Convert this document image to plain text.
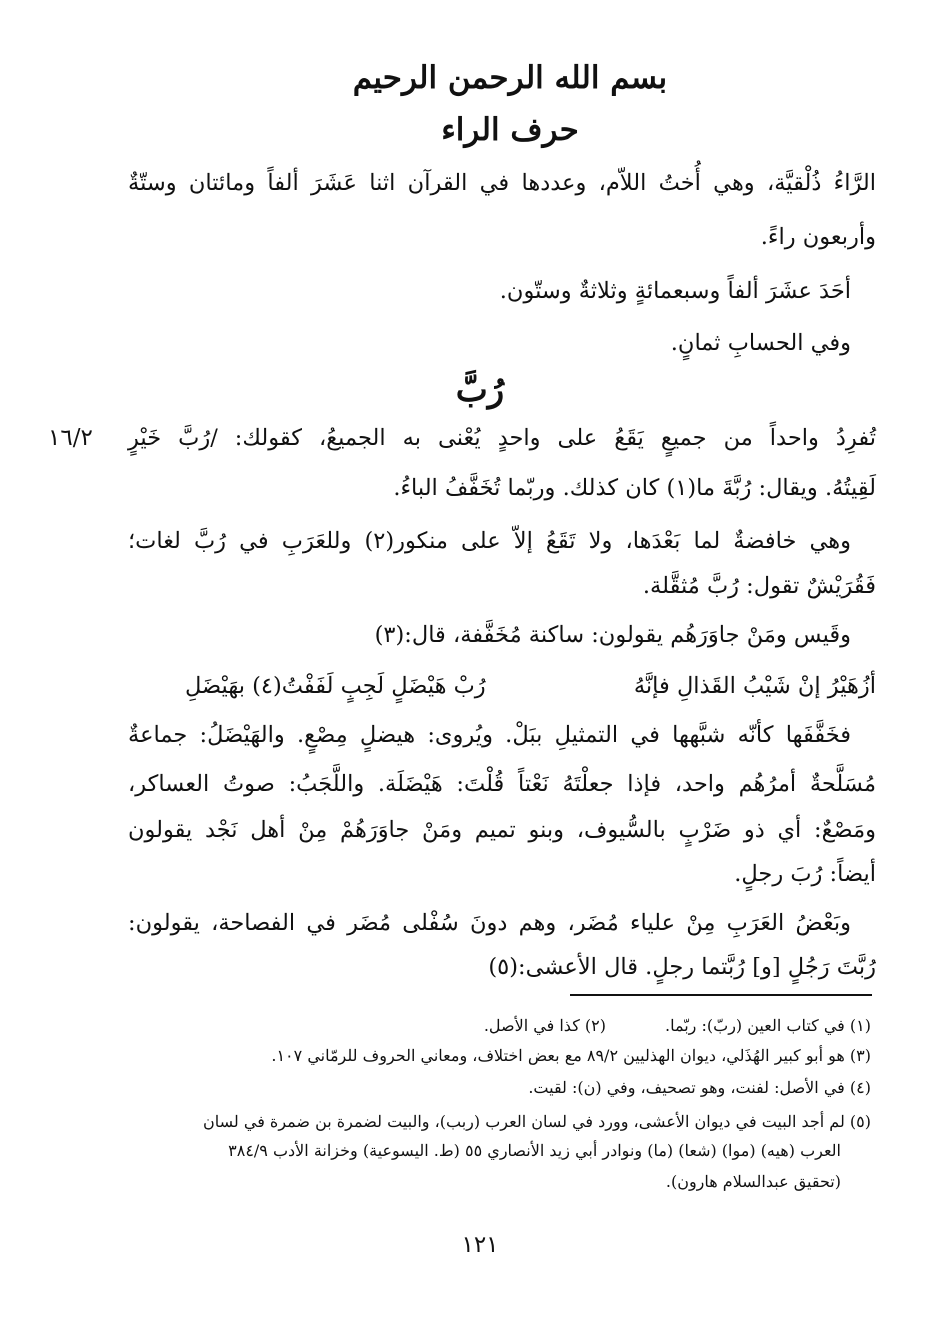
بسم الله الرحمن الرحيم
حرف الراء
الرَّاءُ ذُلْقيَّة، وهي أُختُ اللاّم، وعددها في القرآن اثنا عَشَرَ ألفاً ومائتان وستّةٌ
وأربعون راءً.
أحَدَ عشَرَ ألفاً وسبعمائةٍ وثلاثةٌ وستّون.
وفي الحسابِ ثمانٍ.
رُبَّ
١٦/٢ تُفرِدُ واحداً من جميعٍ يَقَعُ على واحدٍ يُعْنى به الجميعُ، كقولك: /رُبَّ خَيْرٍ
لَقِيتُهُ. ويقال: رُبَّةَ ما(١) كان كذلك. وربّما تُخَفَّفُ الباءُ.
وهي خافضةٌ لما بَعْدَها، ولا تَقَعُ إلاّ على منكور(٢) وللعَرَبِ في رُبَّ لغات؛
فَقُرَيْشٌ تقول: رُبَّ مُثقَّلة.
وقَيس ومَنْ جاوَرَهُم يقولون: ساكنة مُخَفَّفة، قال:(٣)
أزُهَيْرُ إنْ شَيْبُ القَذالِ فإنَّهُ
رُبْ هَيْضَلٍ لَجِبٍ لَفَفْتُ(٤) بهَيْضَلِ
فخَفَّفَها كأنّه شبَّهها في التمثيلِ ببَلْ. ويُروى: هيضلٍ مِصْعٍ. والهَيْضَلُ: جماعةٌ
مُسَلَّحةٌ أمرُهُم واحد، فإذا جعلْتَهُ نَعْتاً قُلْتَ: هَيْضَلَة. واللَّجَبُ: صوتُ العساكر،
ومَصْعٌ: أي ذو ضَرْبٍ بالسُّيوف، وبنو تميم ومَنْ جاوَرَهُمْ مِنْ أهل نَجْد يقولون
أيضاً: رُبَ رجلٍ.
وبَعْضُ العَرَبِ مِنْ علياء مُضَر، وهم دونَ سُفْلى مُضَر في الفصاحة، يقولون:
رُبَّتَ رَجُلٍ [و] رُبَّتما رجلٍ. قال الأعشى:(٥)
(١) في كتاب العين (ربّ): ربّما.
(٢) كذا في الأصل.
(٣) هو أبو كبير الهُذَلي، ديوان الهذليين ٨٩/٢ مع بعض اختلاف، ومعاني الحروف للرمّاني ١٠٧.
(٤) في الأصل: لفنت، وهو تصحيف، وفي (ن): لقيت.
(٥) لم أجد البيت في ديوان الأعشى، وورد في لسان العرب (ربب)، والبيت لضمرة بن ضمرة في لسان
العرب (هيه) (موا) (شعا) (ما) ونوادر أبي زيد الأنصاري ٥٥ (ط. اليسوعية) وخزانة الأدب ٣٨٤/٩
(تحقيق عبدالسلام هارون).
١٢١
